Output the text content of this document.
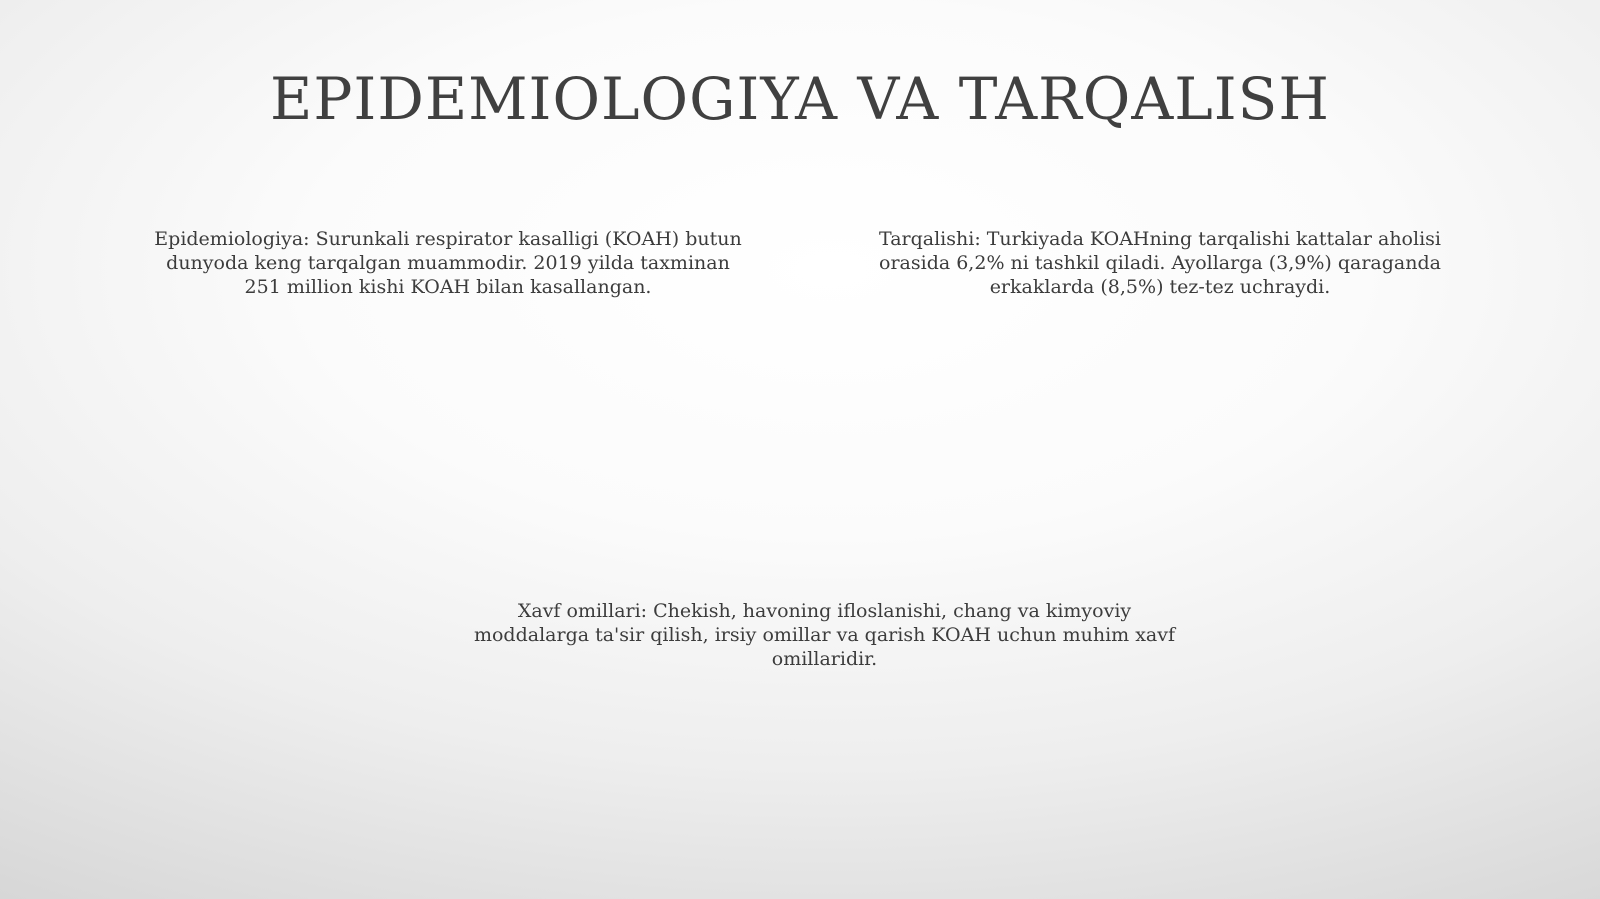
EPIDEMIOLOGIYA VA TARQALISH

Epidemiologiya: Surunkali respirator kasalligi (KOAH) butun dunyoda keng tarqalgan muammodir. 2019 yilda taxminan 251 million kishi KOAH bilan kasallangan.

Tarqalishi: Turkiyada KOAHning tarqalishi kattalar aholisi orasida 6,2% ni tashkil qiladi. Ayollarga (3,9%) qaraganda erkaklarda (8,5%) tez-tez uchraydi.

Xavf omillari: Chekish, havoning ifloslanishi, chang va kimyoviy moddalarga ta'sir qilish, irsiy omillar va qarish KOAH uchun muhim xavf omillaridir.
